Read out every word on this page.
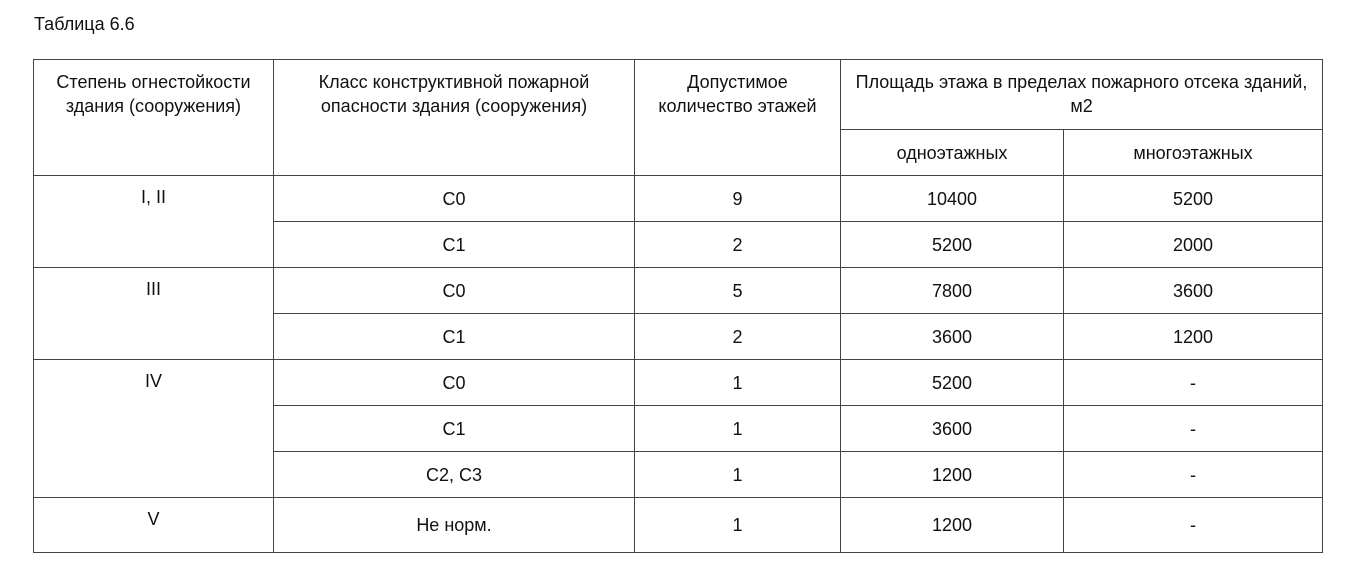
Таблица 6.6
Степень огнестойкости здания (сооружения)	Класс конструктивной пожарной опасности здания (сооружения)	Допустимое количество этажей	Площадь этажа в пределах пожарного отсека зданий, м2	
			одноэтажных	многоэтажных
I, II	С0	9	10400	5200
	С1	2	5200	2000
III	С0	5	7800	3600
	С1	2	3600	1200
IV	С0	1	5200	-
	С1	1	3600	-
	С2, С3	1	1200	-
V	Не норм.	1	1200	-
